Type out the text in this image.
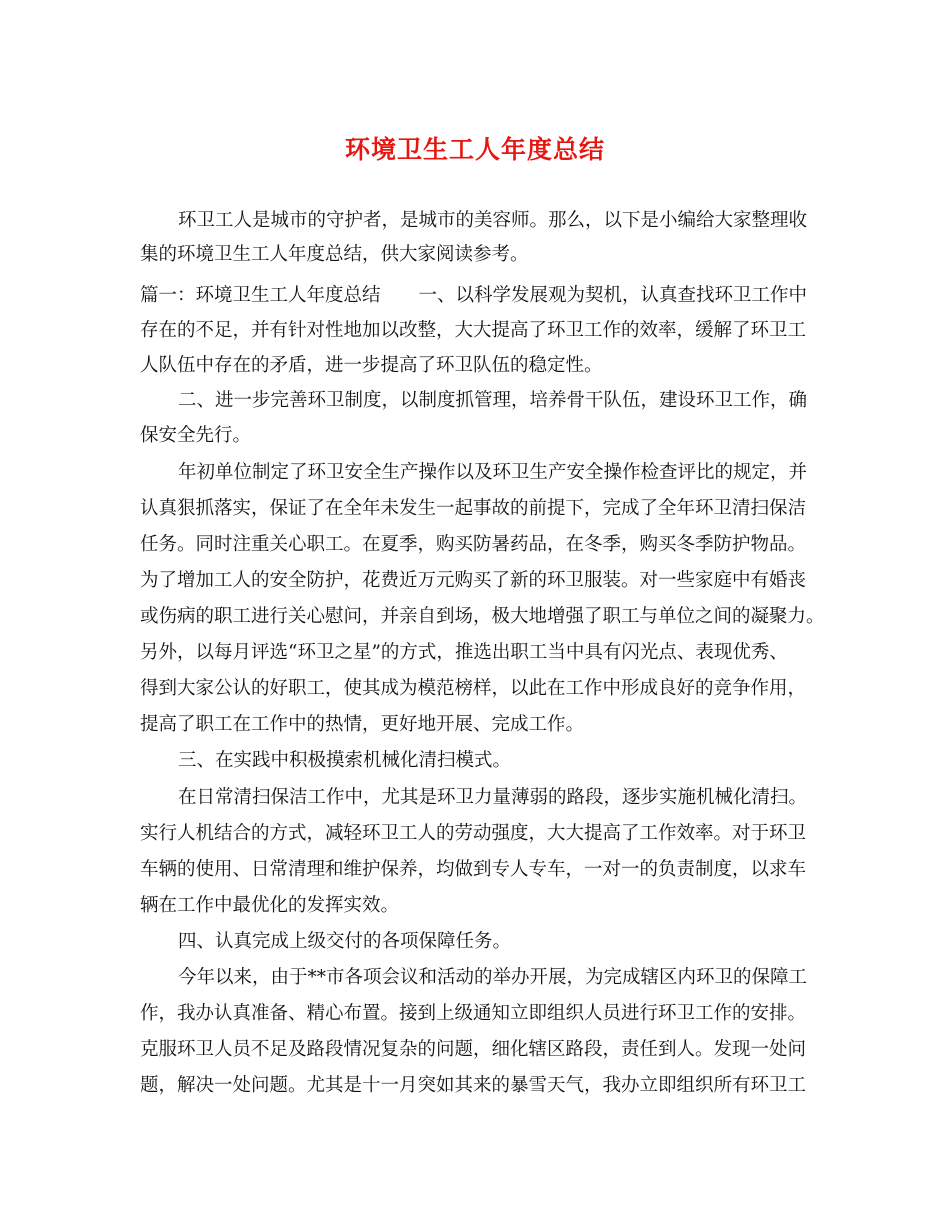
环境卫生工人年度总结
环卫工人是城市的守护者，是城市的美容师。那么，以下是小编给大家整理收
集的环境卫生工人年度总结，供大家阅读参考。
篇一：环境卫生工人年度总结 一、以科学发展观为契机，认真查找环卫工作中
存在的不足，并有针对性地加以改整，大大提高了环卫工作的效率，缓解了环卫工
人队伍中存在的矛盾，进一步提高了环卫队伍的稳定性。
二、进一步完善环卫制度，以制度抓管理，培养骨干队伍，建设环卫工作，确
保安全先行。
年初单位制定了环卫安全生产操作以及环卫生产安全操作检查评比的规定，并
认真狠抓落实，保证了在全年未发生一起事故的前提下，完成了全年环卫清扫保洁
任务。同时注重关心职工。在夏季，购买防暑药品，在冬季，购买冬季防护物品。
为了增加工人的安全防护，花费近万元购买了新的环卫服装。对一些家庭中有婚丧
或伤病的职工进行关心慰问，并亲自到场，极大地增强了职工与单位之间的凝聚力。
另外，以每月评选“环卫之星”的方式，推选出职工当中具有闪光点、表现优秀、
得到大家公认的好职工，使其成为模范榜样，以此在工作中形成良好的竞争作用，
提高了职工在工作中的热情，更好地开展、完成工作。
三、在实践中积极摸索机械化清扫模式。
在日常清扫保洁工作中，尤其是环卫力量薄弱的路段，逐步实施机械化清扫。
实行人机结合的方式，减轻环卫工人的劳动强度，大大提高了工作效率。对于环卫
车辆的使用、日常清理和维护保养，均做到专人专车，一对一的负责制度，以求车
辆在工作中最优化的发挥实效。
四、认真完成上级交付的各项保障任务。
今年以来，由于**市各项会议和活动的举办开展，为完成辖区内环卫的保障工
作，我办认真准备、精心布置。接到上级通知立即组织人员进行环卫工作的安排。
克服环卫人员不足及路段情况复杂的问题，细化辖区路段，责任到人。发现一处问
题，解决一处问题。尤其是十一月突如其来的暴雪天气，我办立即组织所有环卫工
